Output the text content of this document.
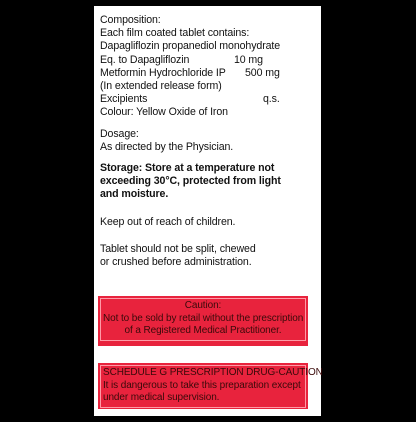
Composition:
Each film coated tablet contains:
Dapagliflozin propanediol monohydrate
Eq. to Dapagliflozin	10 mg
Metformin Hydrochloride IP 500 mg
(In extended release form)
Excipients	q.s.
Colour: Yellow Oxide of Iron
Dosage:
As directed by the Physician.
Storage: Store at a temperature not
exceeding 30°C, protected from light
and moisture.
Keep out of reach of children.
Tablet should not be split, chewed
or crushed before administration.
Caution:
Not to be sold by retail without the prescription
of a Registered Medical Practitioner.
SCHEDULE G PRESCRIPTION DRUG-CAUTION
It is dangerous to take this preparation except
under medical supervision.
